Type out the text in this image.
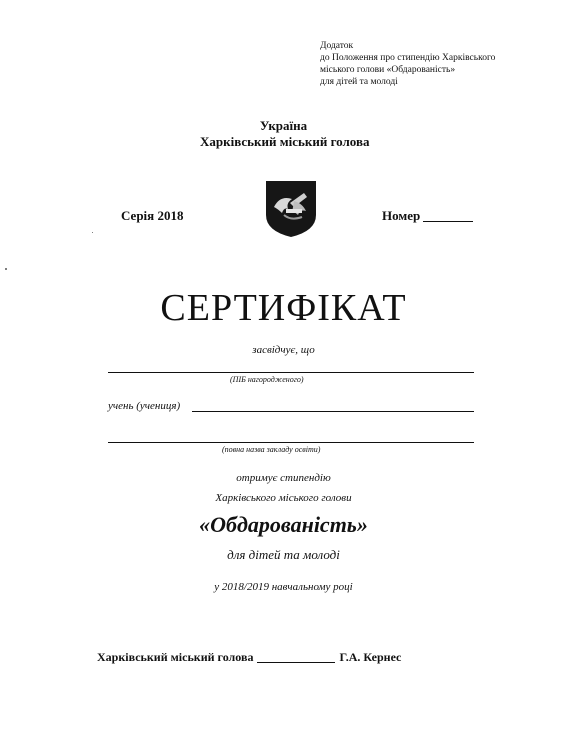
Додаток
до Положення про стипендію Харківського
міського голови «Обдарованість»
для дітей та молоді
Україна
Харківський міський голова
Серія 2018	Номер
СЕРТИФІКАТ
засвідчує, що
(ПІБ нагородженого)
учень (учениця)
(повна назва закладу освіти)
отримує стипендію
Харківського міського голови
«Обдарованість»
для дітей та молоді
у 2018/2019 навчальному році
Харківський міський голова	Г.А. Кернес
